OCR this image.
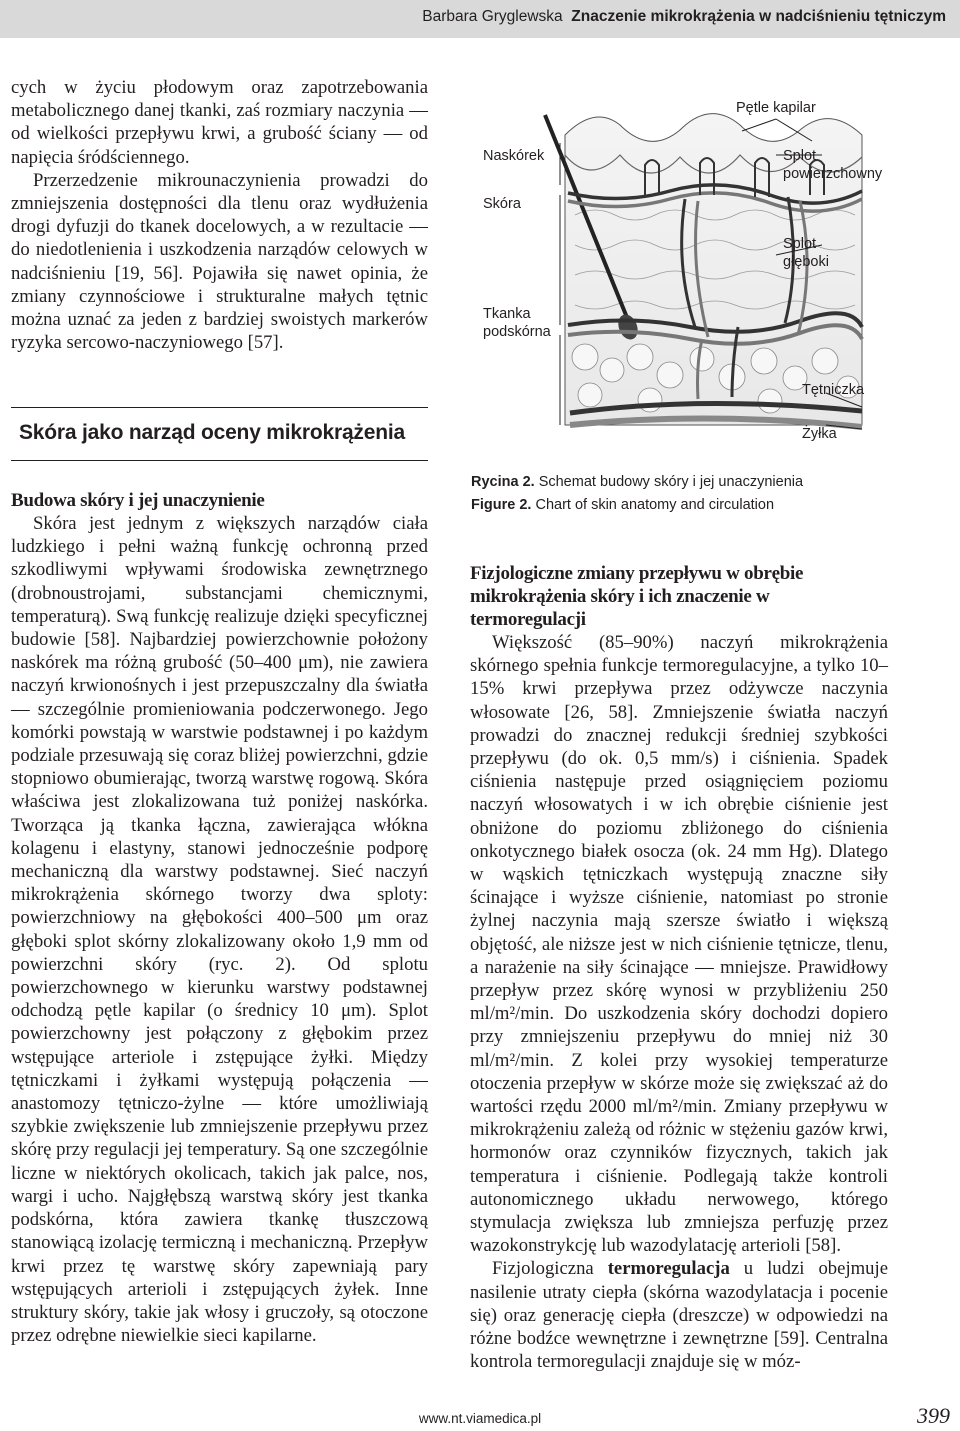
Barbara Gryglewska Znaczenie mikrokrążenia w nadciśnieniu tętniczym

cych w życiu płodowym oraz zapotrzebowania metabolicznego danej tkanki, zaś rozmiary naczynia — od wielkości przepływu krwi, a grubość ściany — od napięcia śródściennego.

Przerzedzenie mikrounaczynienia prowadzi do zmniejszenia dostępności dla tlenu oraz wydłużenia drogi dyfuzji do tkanek docelowych, a w rezultacie — do niedotlenienia i uszkodzenia narządów celowych w nadciśnieniu [19, 56]. Pojawiła się nawet opinia, że zmiany czynnościowe i strukturalne małych tętnic można uznać za jeden z bardziej swoistych markerów ryzyka sercowo-naczyniowego [57].

Skóra jako narząd oceny mikrokrążenia
Budowa skóry i jej unaczynienie

Skóra jest jednym z większych narządów ciała ludzkiego i pełni ważną funkcję ochronną przed szkodliwymi wpływami środowiska zewnętrznego (drobnoustrojami, substancjami chemicznymi, temperaturą). Swą funkcję realizuje dzięki specyficznej budowie [58]. Najbardziej powierzchownie położony naskórek ma różną grubość (50–400 μm), nie zawiera naczyń krwionośnych i jest przepuszczalny dla światła — szczególnie promieniowania podczerwonego. Jego komórki powstają w warstwie podstawnej i po każdym podziale przesuwają się coraz bliżej powierzchni, gdzie stopniowo obumierając, tworzą warstwę rogową. Skóra właściwa jest zlokalizowana tuż poniżej naskórka. Tworząca ją tkanka łączna, zawierająca włókna kolagenu i elastyny, stanowi jednocześnie podporę mechaniczną dla warstwy podstawnej. Sieć naczyń mikrokrążenia skórnego tworzy dwa sploty: powierzchniowy na głębokości 400–500 μm oraz głęboki splot skórny zlokalizowany około 1,9 mm od powierzchni skóry (ryc. 2). Od splotu powierzchownego w kierunku warstwy podstawnej odchodzą pętle kapilar (o średnicy 10 μm). Splot powierzchowny jest połączony z głębokim przez wstępujące arteriole i zstępujące żyłki. Między tętniczkami i żyłkami występują połączenia — anastomozy tętniczo-żylne — które umożliwiają szybkie zwiększenie lub zmniejszenie przepływu przez skórę przy regulacji jej temperatury. Są one szczególnie liczne w niektórych okolicach, takich jak palce, nos, wargi i ucho. Najgłębszą warstwą skóry jest tkanka podskórna, która zawiera tkankę tłuszczową stanowiącą izolację termiczną i mechaniczną. Przepływ krwi przez tę warstwę skóry zapewniają pary wstępujących arterioli i zstępujących żyłek. Inne struktury skóry, takie jak włosy i gruczoły, są otoczone przez odrębne niewielkie sieci kapilarne.

Pętle kapilar
Naskórek
Skóra
Tkanka
podskórna
Splot
powierzchowny
Splot
głęboki
Tętniczka
Żyłka
Rycina 2. Schemat budowy skóry i jej unaczynienia
Figure 2. Chart of skin anatomy and circulation
Fizjologiczne zmiany przepływu w obrębie
mikrokrążenia skóry i ich znaczenie w termoregulacji

Większość (85–90%) naczyń mikrokrążenia skórnego spełnia funkcje termoregulacyjne, a tylko 10–15% krwi przepływa przez odżywcze naczynia włosowate [26, 58]. Zmniejszenie światła naczyń prowadzi do znacznej redukcji średniej szybkości przepływu (do ok. 0,5 mm/s) i ciśnienia. Spadek ciśnienia następuje przed osiągnięciem poziomu naczyń włosowatych i w ich obrębie ciśnienie jest obniżone do poziomu zbliżonego do ciśnienia onkotycznego białek osocza (ok. 24 mm Hg). Dlatego w wąskich tętniczkach występują znaczne siły ścinające i wyższe ciśnienie, natomiast po stronie żylnej naczynia mają szersze światło i większą objętość, ale niższe jest w nich ciśnienie tętnicze, tlenu, a narażenie na siły ścinające — mniejsze. Prawidłowy przepływ przez skórę wynosi w przybliżeniu 250 ml/m²/min. Do uszkodzenia skóry dochodzi dopiero przy zmniejszeniu przepływu do mniej niż 30 ml/m²/min. Z kolei przy wysokiej temperaturze otoczenia przepływ w skórze może się zwiększać aż do wartości rzędu 2000 ml/m²/min. Zmiany przepływu w mikrokrążeniu zależą od różnic w stężeniu gazów krwi, hormonów oraz czynników fizycznych, takich jak temperatura i ciśnienie. Podlegają także kontroli autonomicznego układu nerwowego, którego stymulacja zwiększa lub zmniejsza perfuzję przez wazokonstrykcję lub wazodylatację arterioli [58].

Fizjologiczna termoregulacja u ludzi obejmuje nasilenie utraty ciepła (skórna wazodylatacja i pocenie się) oraz generację ciepła (dreszcze) w odpowiedzi na różne bodźce wewnętrzne i zewnętrzne [59]. Centralna kontrola termoregulacji znajduje się w móz-

www.nt.viamedica.pl	399
